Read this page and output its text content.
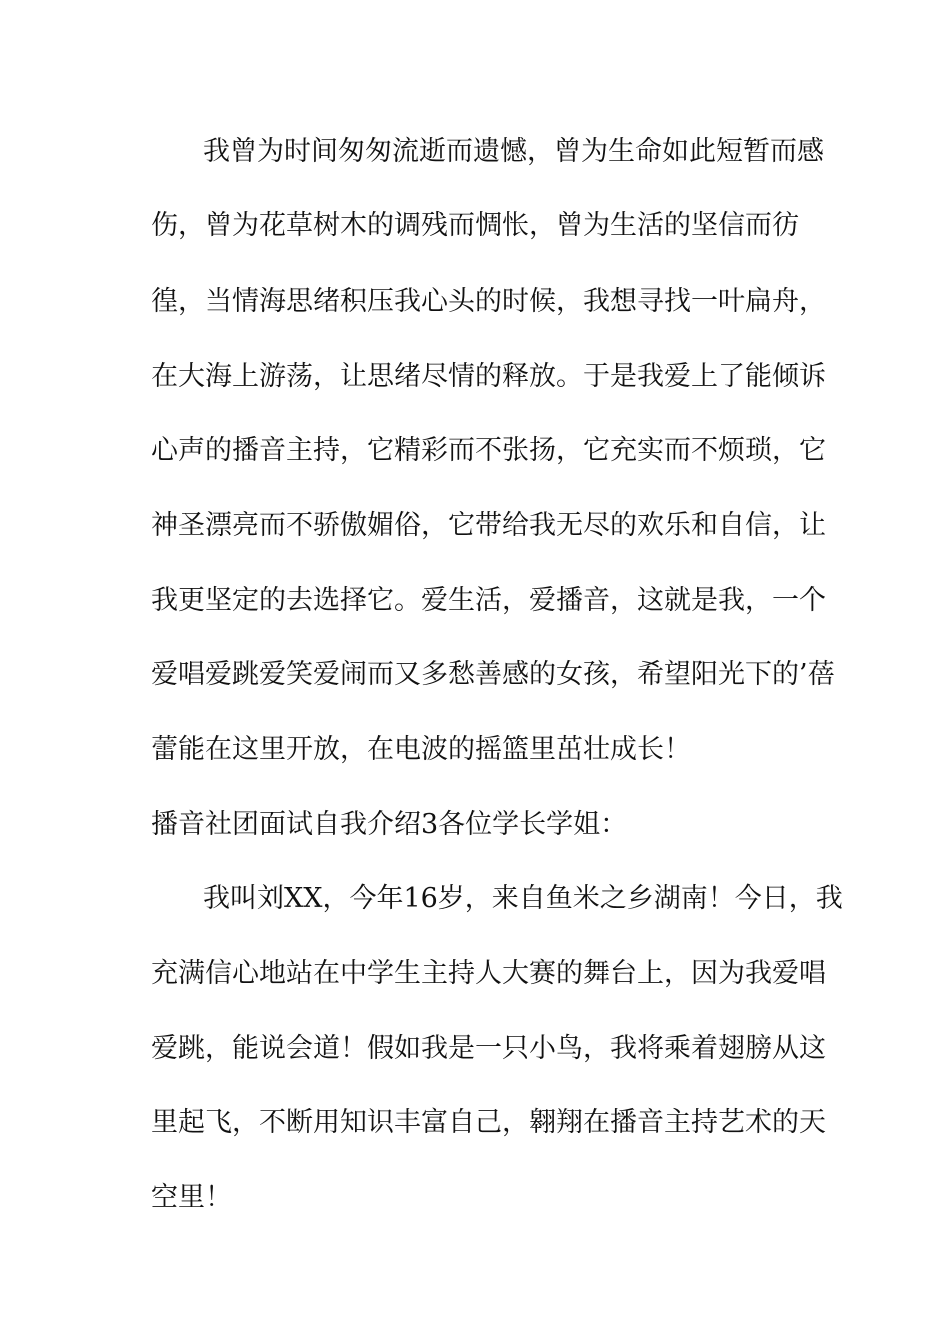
我曾为时间匆匆流逝而遗憾，曾为生命如此短暂而感

伤，曾为花草树木的调残而惆怅，曾为生活的坚信而彷

徨，当情海思绪积压我心头的时候，我想寻找一叶扁舟，

在大海上游荡，让思绪尽情的释放。于是我爱上了能倾诉

心声的播音主持，它精彩而不张扬，它充实而不烦琐，它

神圣漂亮而不骄傲媚俗，它带给我无尽的欢乐和自信，让

我更坚定的去选择它。爱生活，爱播音，这就是我，一个

爱唱爱跳爱笑爱闹而又多愁善感的女孩，希望阳光下的’蓓

蕾能在这里开放，在电波的摇篮里茁壮成长！

播音社团面试自我介绍3各位学长学姐：

我叫刘XX，今年16岁，来自鱼米之乡湖南！今日，我

充满信心地站在中学生主持人大赛的舞台上，因为我爱唱

爱跳，能说会道！假如我是一只小鸟，我将乘着翅膀从这

里起飞，不断用知识丰富自己，翱翔在播音主持艺术的天

空里！
